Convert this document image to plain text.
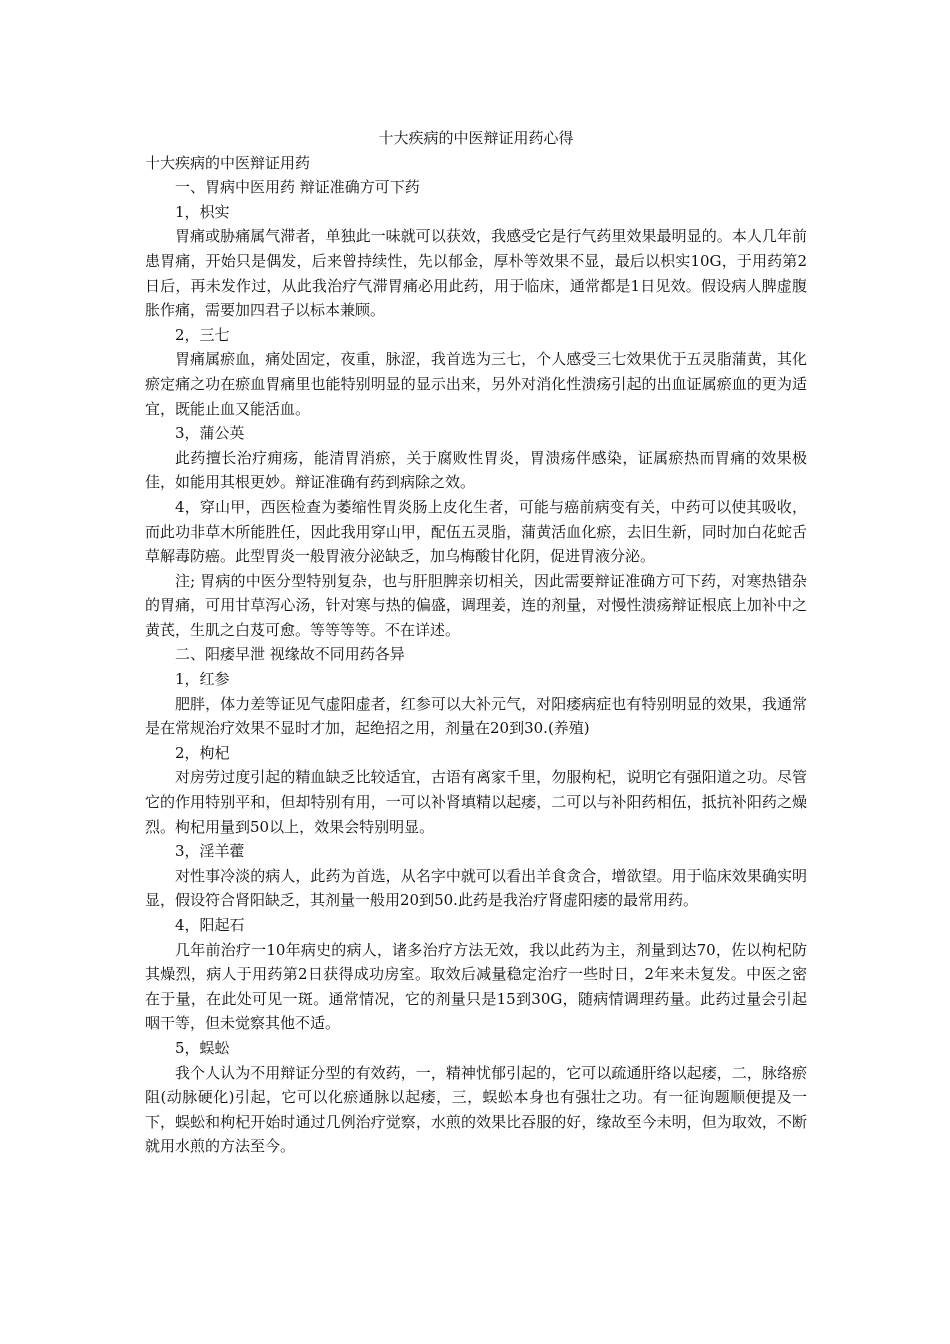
十大疾病的中医辩证用药心得

十大疾病的中医辩证用药

一、胃病中医用药 辩证准确方可下药

1，枳实

胃痛或胁痛属气滞者，单独此一味就可以获效，我感受它是行气药里效果最明显的。本人几年前患胃痛，开始只是偶发，后来曾持续性，先以郁金，厚朴等效果不显，最后以枳实10G，于用药第2日后，再未发作过，从此我治疗气滞胃痛必用此药，用于临床，通常都是1日见效。假设病人脾虚腹胀作痛，需要加四君子以标本兼顾。

2，三七

胃痛属瘀血，痛处固定，夜重，脉涩，我首选为三七，个人感受三七效果优于五灵脂蒲黄，其化瘀定痛之功在瘀血胃痛里也能特别明显的显示出来，另外对消化性溃疡引起的出血证属瘀血的更为适宜，既能止血又能活血。

3，蒲公英

此药擅长治疗痈疡，能清胃消瘀，关于腐败性胃炎，胃溃疡伴感染，证属瘀热而胃痛的效果极佳，如能用其根更妙。辩证准确有药到病除之效。

4，穿山甲，西医检查为萎缩性胃炎肠上皮化生者，可能与癌前病变有关，中药可以使其吸收，而此功非草木所能胜任，因此我用穿山甲，配伍五灵脂，蒲黄活血化瘀，去旧生新，同时加白花蛇舌草解毒防癌。此型胃炎一般胃液分泌缺乏，加乌梅酸甘化阴，促进胃液分泌。

注; 胃病的中医分型特别复杂，也与肝胆脾亲切相关，因此需要辩证准确方可下药，对寒热错杂的胃痛，可用甘草泻心汤，针对寒与热的偏盛，调理姜，连的剂量，对慢性溃疡辩证根底上加补中之黄芪，生肌之白芨可愈。等等等等。不在详述。

二、阳痿早泄 视缘故不同用药各异

1，红参

肥胖，体力差等证见气虚阳虚者，红参可以大补元气，对阳痿病症也有特别明显的效果，我通常是在常规治疗效果不显时才加，起绝招之用，剂量在20到30.(养殖)

2，枸杞

对房劳过度引起的精血缺乏比较适宜，古语有离家千里，勿服枸杞，说明它有强阳道之功。尽管它的作用特别平和，但却特别有用，一可以补肾填精以起痿，二可以与补阳药相伍，抵抗补阳药之燥烈。枸杞用量到50以上，效果会特别明显。

3，淫羊藿

对性事冷淡的病人，此药为首选，从名字中就可以看出羊食贪合，增欲望。用于临床效果确实明显，假设符合肾阳缺乏，其剂量一般用20到50.此药是我治疗肾虚阳痿的最常用药。

4，阳起石

几年前治疗一10年病史的病人，诸多治疗方法无效，我以此药为主，剂量到达70，佐以枸杞防其燥烈，病人于用药第2日获得成功房室。取效后减量稳定治疗一些时日，2年来未复发。中医之密在于量，在此处可见一斑。通常情况，它的剂量只是15到30G，随病情调理药量。此药过量会引起咽干等，但未觉察其他不适。

5，蜈蚣

我个人认为不用辩证分型的有效药，一，精神忧郁引起的，它可以疏通肝络以起痿，二，脉络瘀阻(动脉硬化)引起，它可以化瘀通脉以起痿，三，蜈蚣本身也有强壮之功。有一征询题顺便提及一下，蜈蚣和枸杞开始时通过几例治疗觉察，水煎的效果比吞服的好，缘故至今未明，但为取效，不断就用水煎的方法至今。
